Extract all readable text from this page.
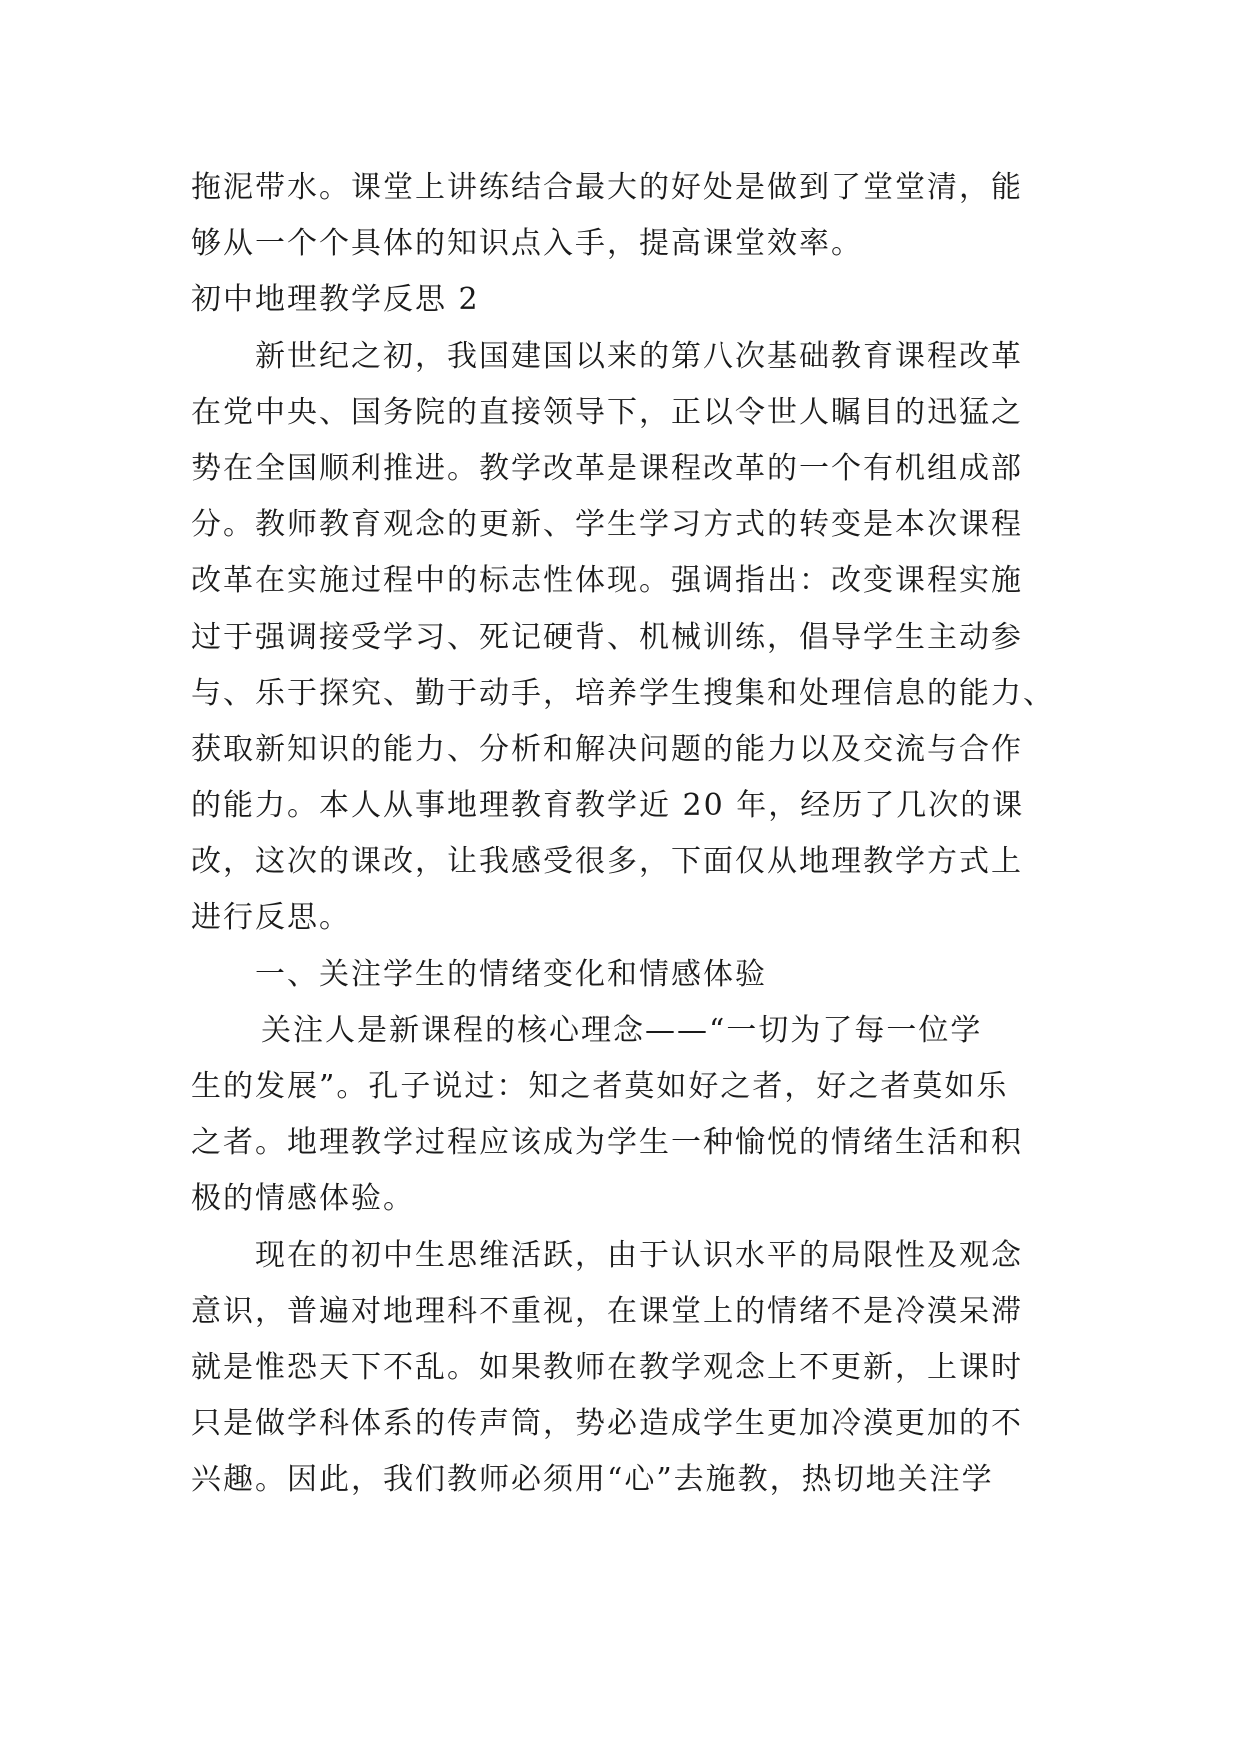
拖泥带水。课堂上讲练结合最大的好处是做到了堂堂清，能
够从一个个具体的知识点入手，提高课堂效率。
初中地理教学反思 2
新世纪之初，我国建国以来的第八次基础教育课程改革
在党中央、国务院的直接领导下，正以令世人瞩目的迅猛之
势在全国顺利推进。教学改革是课程改革的一个有机组成部
分。教师教育观念的更新、学生学习方式的转变是本次课程
改革在实施过程中的标志性体现。强调指出：改变课程实施
过于强调接受学习、死记硬背、机械训练，倡导学生主动参
与、乐于探究、勤于动手，培养学生搜集和处理信息的能力、
获取新知识的能力、分析和解决问题的能力以及交流与合作
的能力。本人从事地理教育教学近 20 年，经历了几次的课
改，这次的课改，让我感受很多，下面仅从地理教学方式上
进行反思。
一、关注学生的情绪变化和情感体验
关注人是新课程的核心理念——“一切为了每一位学
生的发展”。孔子说过：知之者莫如好之者，好之者莫如乐
之者。地理教学过程应该成为学生一种愉悦的情绪生活和积
极的情感体验。
现在的初中生思维活跃，由于认识水平的局限性及观念
意识，普遍对地理科不重视，在课堂上的情绪不是冷漠呆滞
就是惟恐天下不乱。如果教师在教学观念上不更新，上课时
只是做学科体系的传声筒，势必造成学生更加冷漠更加的不
兴趣。因此，我们教师必须用“心”去施教，热切地关注学
